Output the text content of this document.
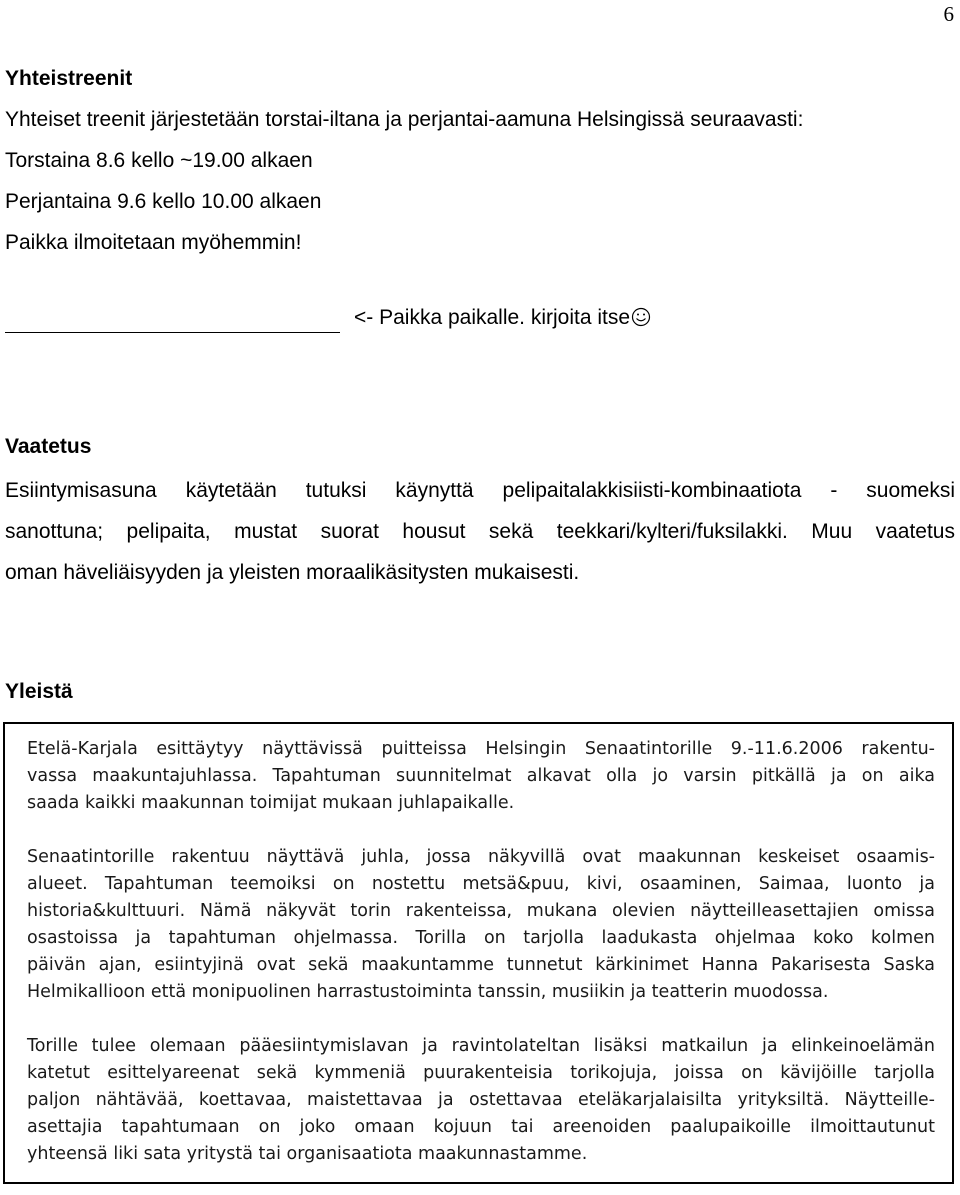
6

Yhteistreenit

Yhteiset treenit järjestetään torstai-iltana ja perjantai-aamuna Helsingissä seuraavasti:

Torstaina 8.6 kello ~19.00 alkaen

Perjantaina 9.6 kello 10.00 alkaen

Paikka ilmoitetaan myöhemmin!

<- Paikka paikalle. kirjoita itse

Vaatetus

Esiintymisasuna käytetään tutuksi käynyttä pelipaitalakkisiisti-kombinaatiota - suomeksi
sanottuna; pelipaita, mustat suorat housut sekä teekkari/kylteri/fuksilakki. Muu vaatetus
oman häveliäisyyden ja yleisten moraalikäsitysten mukaisesti.
Yleistä
Etelä-Karjala esittäytyy näyttävissä puitteissa Helsingin Senaatintorille 9.-11.6.2006 rakentu-
vassa maakuntajuhlassa. Tapahtuman suunnitelmat alkavat olla jo varsin pitkällä ja on aika
saada kaikki maakunnan toimijat mukaan juhlapaikalle.
Senaatintorille rakentuu näyttävä juhla, jossa näkyvillä ovat maakunnan keskeiset osaamis-
alueet. Tapahtuman teemoiksi on nostettu metsä&puu, kivi, osaaminen, Saimaa, luonto ja
historia&kulttuuri. Nämä näkyvät torin rakenteissa, mukana olevien näytteilleasettajien omissa
osastoissa ja tapahtuman ohjelmassa. Torilla on tarjolla laadukasta ohjelmaa koko kolmen
päivän ajan, esiintyjinä ovat sekä maakuntamme tunnetut kärkinimet Hanna Pakarisesta Saska
Helmikallioon että monipuolinen harrastustoiminta tanssin, musiikin ja teatterin muodossa.
Torille tulee olemaan pääesiintymislavan ja ravintolateltan lisäksi matkailun ja elinkeinoelämän
katetut esittelyareenat sekä kymmeniä puurakenteisia torikojuja, joissa on kävijöille tarjolla
paljon nähtävää, koettavaa, maistettavaa ja ostettavaa eteläkarjalaisilta yrityksiltä. Näytteille-
asettajia tapahtumaan on joko omaan kojuun tai areenoiden paalupaikoille ilmoittautunut
yhteensä liki sata yritystä tai organisaatiota maakunnastamme.
